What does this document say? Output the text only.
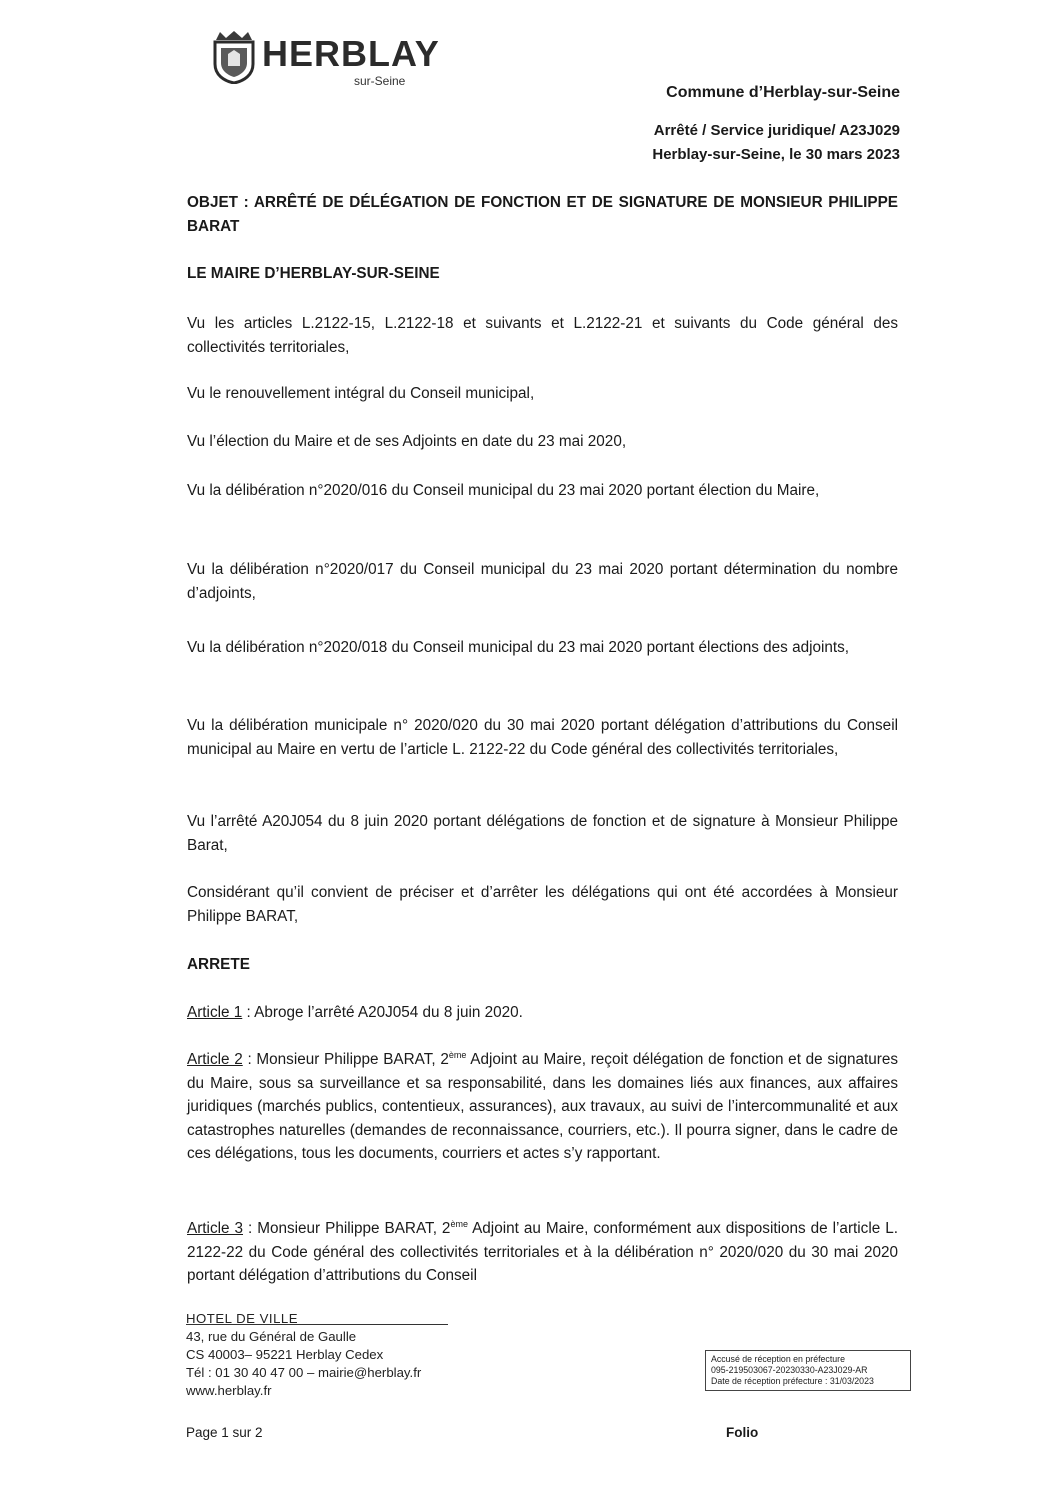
HERBLAY
sur-Seine
Commune d’Herblay-sur-Seine
Arrêté / Service juridique/ A23J029
Herblay-sur-Seine, le 30 mars 2023

OBJET : ARRÊTÉ DE DÉLÉGATION DE FONCTION ET DE SIGNATURE DE MONSIEUR PHILIPPE BARAT

LE MAIRE D’HERBLAY-SUR-SEINE

Vu les articles L.2122-15, L.2122-18 et suivants et L.2122-21 et suivants du Code général des collectivités territoriales,

Vu le renouvellement intégral du Conseil municipal,

Vu l’élection du Maire et de ses Adjoints en date du 23 mai 2020,

Vu la délibération n°2020/016 du Conseil municipal du 23 mai 2020 portant élection du Maire,

Vu la délibération n°2020/017 du Conseil municipal du 23 mai 2020 portant détermination du nombre d’adjoints,

Vu la délibération n°2020/018 du Conseil municipal du 23 mai 2020 portant élections des adjoints,

Vu la délibération municipale n° 2020/020 du 30 mai 2020 portant délégation d’attributions du Conseil municipal au Maire en vertu de l’article L. 2122-22 du Code général des collectivités territoriales,

Vu l’arrêté A20J054 du 8 juin 2020 portant délégations de fonction et de signature à Monsieur Philippe Barat,

Considérant qu’il convient de préciser et d’arrêter les délégations qui ont été accordées à Monsieur Philippe BARAT,

ARRETE

Article 1 : Abroge l’arrêté A20J054 du 8 juin 2020.

Article 2 : Monsieur Philippe BARAT, 2ème Adjoint au Maire, reçoit délégation de fonction et de signatures du Maire, sous sa surveillance et sa responsabilité, dans les domaines liés aux finances, aux affaires juridiques (marchés publics, contentieux, assurances), aux travaux, au suivi de l’intercommunalité et aux catastrophes naturelles (demandes de reconnaissance, courriers, etc.). Il pourra signer, dans le cadre de ces délégations, tous les documents, courriers et actes s’y rapportant.

Article 3 : Monsieur Philippe BARAT, 2ème Adjoint au Maire, conformément aux dispositions de l’article L. 2122-22 du Code général des collectivités territoriales et à la délibération n° 2020/020 du 30 mai 2020 portant délégation d’attributions du Conseil

HOTEL DE VILLE
43, rue du Général de Gaulle
CS 40003– 95221 Herblay Cedex
Tél : 01 30 40 47 00 – mairie@herblay.fr
www.herblay.fr
Accusé de réception en préfecture
095-219503067-20230330-A23J029-AR
Date de réception préfecture : 31/03/2023
Page 1 sur 2	Folio
